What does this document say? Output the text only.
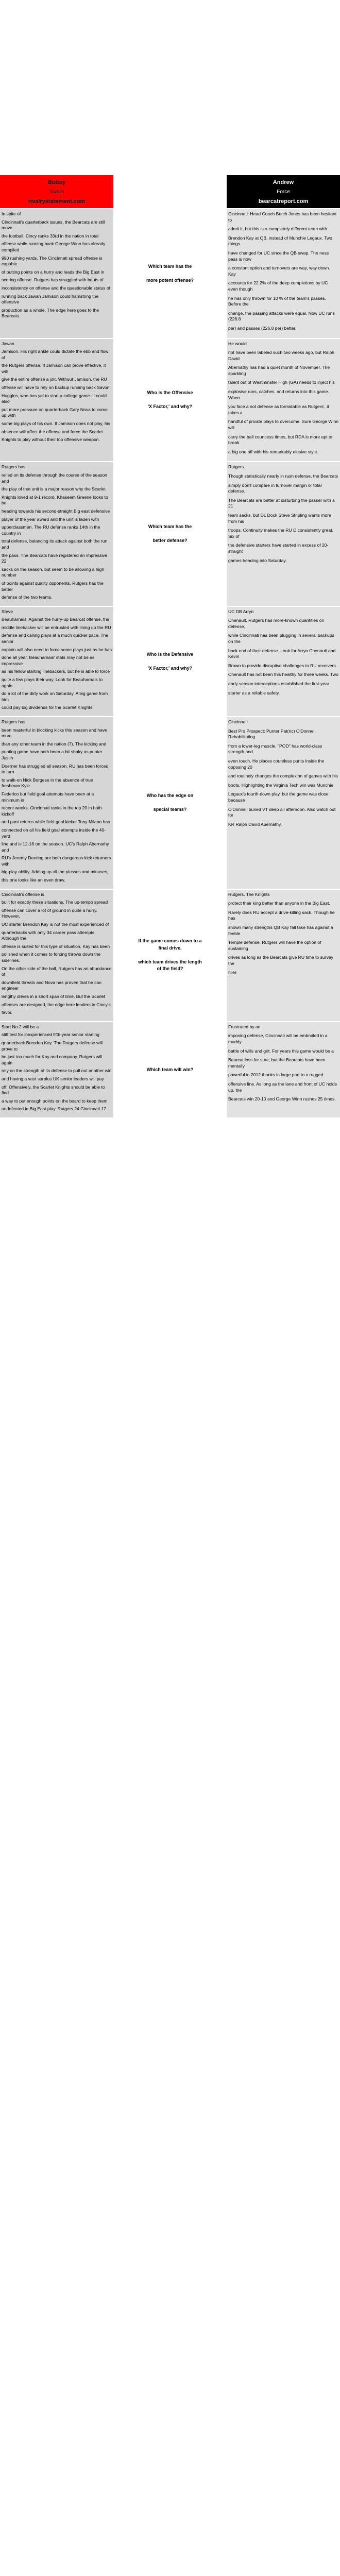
Bobby
Sworn
rivalrystatement.com
Andrew
Force
bearcatreport.com

In spite of

Cincinnati's quarterback issues, the Bearcats are still move

the football. Cincy ranks 33rd in the nation in total

offense while running back George Winn has already compiled

990 rushing yards. The Cincinnati spread offense is capable

of putting points on a hurry and leads the Big East in

scoring offense. Rutgers has struggled with bouts of

inconsistency on offense and the questionable status of

running back Jawan Jamison could hamstring the offensive

production as a whole. The edge here goes to the Bearcats.

Which team has the

more potent offense?

Cincinnati: Head Coach Butch Jones has been hesitant to

admit it, but this is a completely different team with

Brendon Kay at QB, instead of Munchie Legaux. Two things

have changed for UC since the QB swap. The ness pass is now

a constant option and turnovers are way, way down. Kay

accounts for 22.2% of the deep completions by UC even though

he has only thrown for 10 % of the team's passes. Before the

change, the passing attacks were equal. Now UC runs (228.8

per) and passes (226.8 per) better.

Jawan

Jamison. His right ankle could dictate the ebb and flow of

the Rutgers offense. If Jamison can prove effective, it will

give the entire offense a jolt. Without Jamison, the RU

offense will have to rely on backup running back Savon

Huggins, who has yet to start a college game. It could also

put more pressure on quarterback Gary Nova to come up with

some big plays of his own. If Jamison does not play, his

absence will affect the offense and force the Scarlet

Knights to play without their top offensive weapon.

Who is the Offensive

'X Factor,' and why?

He would

not have been labeled such two weeks ago, but Ralph David

Abernathy has had a quiet month of November. The sparkling

talent out of Westminster High (GA) needs to inject his

explosive runs, catches, and returns into this game. When

you face a not defense as formidable as Rutgers', it takes a

handful of private plays to overcome. Sure George Winn will

carry the ball countless times, but RDA is more apt to break

a big one off with his remarkably elusive style.

Rutgers has

relied on its defense through the course of the season and

the play of that unit is a major reason why the Scarlet

Knights loved at 9-1 record. Khaseem Greene looks to be

heading towards his second-straight Big east defensive

player of the year award and the unit is laden with

upperclassmen. The RU defense ranks 14th in the country in

total defense, balancing its attack against both the run and

the pass. The Bearcats have registered an impressive 22

sacks on the season, but seem to be allowing a high number

of points against quality opponents. Rutgers has the better

defense of the two teams.

Which team has the

better defense?

Rutgers.

Though statistically nearly in rush defense, the Bearcats

simply don't compare in turnover margin or total defense.

The Bearcats are better at disturbing the passer with a 21

team sacks, but DL Dock Steve Stripling wants more from his

troops. Continuity makes the RU D consistently great. Six of

the defensive starters have started in excess of 20-straight

games heading into Saturday.

Steve

Beauharnais. Against the hurry-up Bearcat offense, the

middle linebacker will be entrusted with lining up the RU

defense and calling plays at a much quicker pace. The senior

captain will also need to force some plays just as he has

done all year. Beauharnais' stats may not be as impressive

as his fellow starting linebackers, but he is able to force

quite a few plays their way. Look for Beauharnais to again

do a lot of the dirty work on Saturday. A big game from him

could pay big dividends for the Scarlet Knights.

Who is the Defensive

'X Factor,' and why?

UC DB Arryn

Chenault. Rutgers has more-known quantities on defense,

while Cincinnati has been plugging in several backups on the

back end of their defense. Look for Arryn Chenault and Kevin

Brown to provide disruptive challenges to RU receivers.

Chenault has not been this healthy for three weeks. Two

early season interceptions established the first-year

starter as a reliable safety.

Rutgers has

been masterful in blocking kicks this season and have more

than any other team in the nation (7). The kicking and

punting game have both been a bit shaky as punter Justin

Doerner has struggled all season. RU has been forced to turn

to walk-on Nick Borgese in the absence of true freshman Kyle

Federico but field goal attempts have been at a minimum in

recent weeks. Cincinnati ranks in the top 20 in both kickoff

and punt returns while field goal kicker Tony Milano has

connected on all his field goal attempts inside the 40-yard

line and is 12-16 on the season. UC's Ralph Abernathy and

RU's Jeremy Deering are both dangerous kick returners with

big-play ability. Adding up all the plusses and minuses,

this one looks like an even draw.

Who has the edge on

special teams?

Cincinnati.

Best Pro Prospect: Punter Pat(ric) O'Donnell. Rehabilitating

from a lower-leg muscle, "POD" has world-class strength and

even touch. He places countless punts inside the opposing 20

and routinely changes the complexion of games with his

boots. Highlighting the Virginia Tech win was Munchie

Legaux's fourth-down play, but the game was close because

O'Donnell buried VT deep all afternoon. Also watch out for

KR Ralph David Abernathy.

Cincinnati's offense is

built for exactly these situations. The up-tempo spread

offense can cover a lot of ground in quite a hurry. However,

UC starter Brendon Kay is not the most experienced of

quarterbacks with only 34 career pass attempts. Although the

offense is suited for this type of situation, Kay has been

polished when it comes to forcing throws down the sidelines.

On the other side of the ball, Rutgers has an abundance of

downfield threats and Nova has proven that he can engineer

lengthy drives in a short span of time. But the Scarlet

offenses are designed, the edge here lenders in Cincy's

favor.

If the game comes down to a
final drive,

which team drives the length
of the field?

Rutgers. The Knights

protect their king better than anyone in the Big East.

Rarely does RU accept a drive-killing sack. Though he has

shown many strengths QB Kay fall take has against a feeble

Temple defense. Rutgers will have the option of sustaining

drives as long as the Bearcats give RU time to survey the

field.

Start No.2 will be a

stiff test for inexperienced fifth-year senior starting

quarterback Brendon Kay. The Rutgers defense will prove to

be just too much for Kay and company. Rutgers will again

rely on the strength of its defense to pull out another win

and having a vast surplus UK senior leaders will pay

off. Offensively, the Scarlet Knights should be able to find

a way to put enough points on the board to keep them

undefeated in Big East play. Rutgers 24 Cincinnati 17.

Which team will win?

Frustrated by an

imposing defense, Cincinnati will be embroiled in a muddy

battle of wills and grit. For years this game would be a

Bearcat loss for sure, but the Bearcats have been mentally

powerful in 2012 thanks in large part to a rugged

offensive line. As long as the lane and front of UC holds up, the

Bearcats win 20-10 and George Winn rushes 25 times.
